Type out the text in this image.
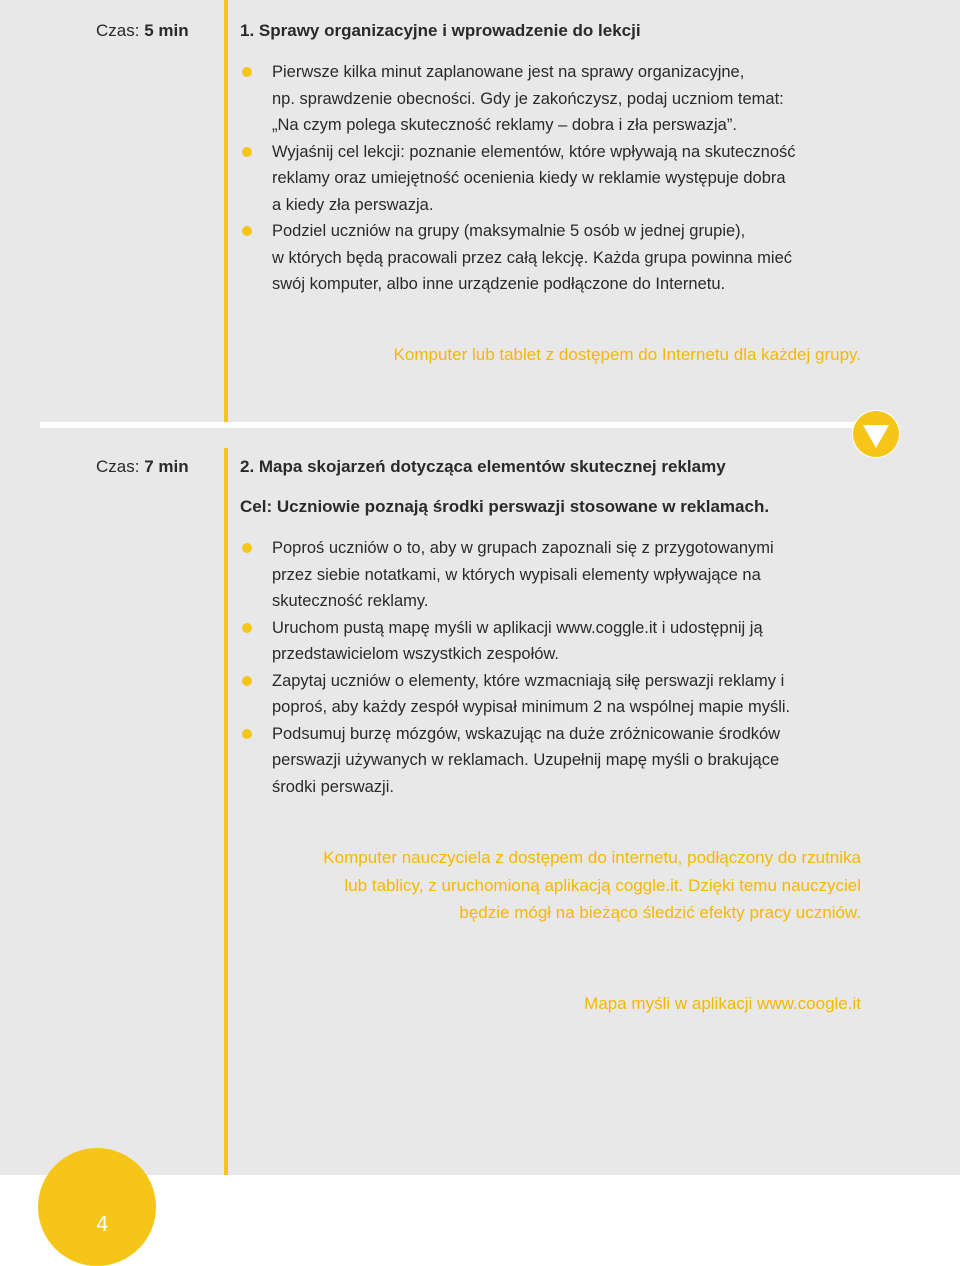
Czas: 5 min	1. Sprawy organizacyjne i wprowadzenie do lekcji
Pierwsze kilka minut zaplanowane jest na sprawy organizacyjne,
np. sprawdzenie obecności. Gdy je zakończysz, podaj uczniom temat:
„Na czym polega skuteczność reklamy – dobra i zła perswazja”.
Wyjaśnij cel lekcji: poznanie elementów, które wpływają na skuteczność
reklamy oraz umiejętność ocenienia kiedy w reklamie występuje dobra
a kiedy zła perswazja.
Podziel uczniów na grupy (maksymalnie 5 osób w jednej grupie),
w których będą pracowali przez całą lekcję. Każda grupa powinna mieć
swój komputer, albo inne urządzenie podłączone do Internetu.
Komputer lub tablet z dostępem do Internetu dla każdej grupy.
Czas: 7 min	2. Mapa skojarzeń dotycząca elementów skutecznej reklamy
Cel: Uczniowie poznają środki perswazji stosowane w reklamach.
Poproś uczniów o to, aby w grupach zapoznali się z przygotowanymi
przez siebie notatkami, w których wypisali elementy wpływające na
skuteczność reklamy.
Uruchom pustą mapę myśli w aplikacji www.coggle.it i udostępnij ją
przedstawicielom wszystkich zespołów.
Zapytaj uczniów o elementy, które wzmacniają siłę perswazji reklamy i
poproś, aby każdy zespół wypisał minimum 2 na wspólnej mapie myśli.
Podsumuj burzę mózgów, wskazując na duże zróżnicowanie środków
perswazji używanych w reklamach. Uzupełnij mapę myśli o brakujące
środki perswazji.
Komputer nauczyciela z dostępem do internetu, podłączony do rzutnika
lub tablicy, z uruchomioną aplikacją coggle.it. Dzięki temu nauczyciel
będzie mógł na bieżąco śledzić efekty pracy uczniów.
Mapa myśli w aplikacji www.coogle.it
4
